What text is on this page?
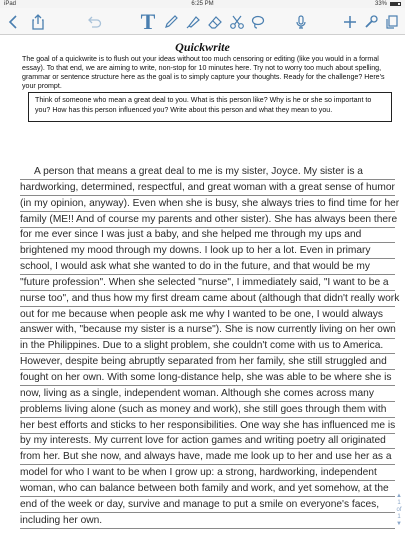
iPad	6:25 PM	33%
T
Quickwrite
The goal of a quickwrite is to flush out your ideas without too much censoring or editing (like you would in a formal essay). To that end, we are aiming to write, non-stop for 10 minutes here. Try not to worry too much about spelling, grammar or sentence structure here as the goal is to simply capture your thoughts. Ready for the challenge? Here's your prompt.
Think of someone who mean a great deal to you. What is this person like? Why is he or she so important to you? How has this person influenced you? Write about this person and what they mean to you.

A person that means a great deal to me is my sister, Joyce. My sister is a hardworking, determined, respectful, and great woman with a great sense of humor (in my opinion, anyway). Even when she is busy, she always tries to find time for her family (ME!! And of course my parents and other sister). She has always been there for me ever since I was just a baby, and she helped me through my ups and brightened my mood through my downs. I look up to her a lot. Even in primary school, I would ask what she wanted to do in the future, and that would be my "future profession". When she selected "nurse", I immediately said, "I want to be a nurse too", and thus how my first dream came about (although that didn't really work out for me because when people ask me why I wanted to be one, I would always answer with, "because my sister is a nurse"). She is now currently living on her own in the Philippines. Due to a slight problem, she couldn't come with us to America. However, despite being abruptly separated from her family, she still struggled and fought on her own. With some long-distance help, she was able to be where she is now, living as a single, independent woman. Although she comes across many problems living alone (such as money and work), she still goes through them with her best efforts and sticks to her responsibilities. One way she has influenced me is by my interests. My current love for action games and writing poetry all originated from her. But she now, and always have, made me look up to her and use her as a model for who I want to be when I grow up: a strong, hardworking, independent woman, who can balance between both family and work, and yet somehow, at the end of the week or day, survive and manage to put a smile on everyone's faces, including her own.

▲
1
of
1
▼
